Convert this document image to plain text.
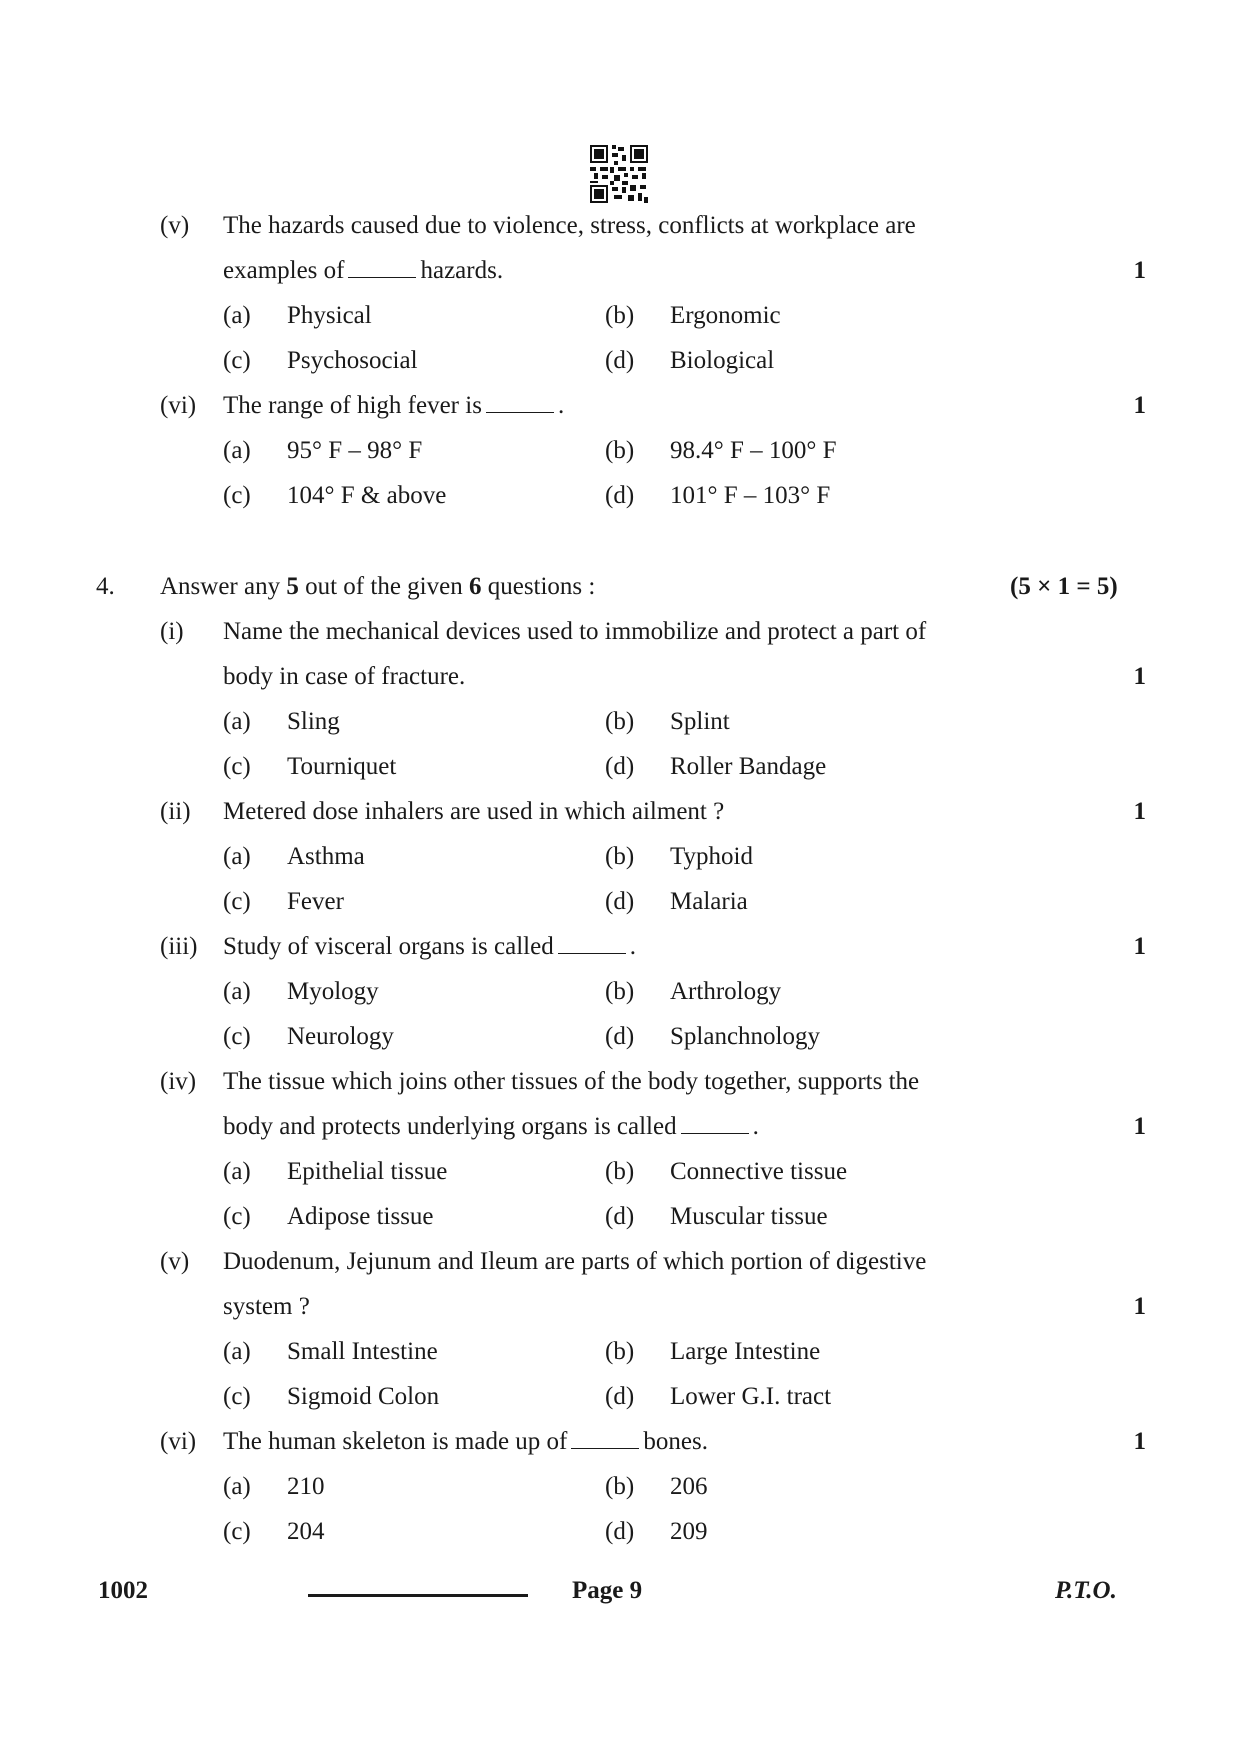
(v) The hazards caused due to violence, stress, conflicts at workplace are
examples of	hazards.	1
(a) Physical	(b) Ergonomic
(c) Psychosocial	(d) Biological
(vi) The range of high fever is	.	1
(a) 95° F – 98° F	(b) 98.4° F – 100° F
(c) 104° F & above	(d) 101° F – 103° F
4. Answer any 5 out of the given 6 questions :	(5 × 1 = 5)
(i) Name the mechanical devices used to immobilize and protect a part of
body in case of fracture.	1
(a) Sling	(b) Splint
(c) Tourniquet	(d) Roller Bandage
(ii) Metered dose inhalers are used in which ailment ?	1
(a) Asthma	(b) Typhoid
(c) Fever	(d) Malaria
(iii) Study of visceral organs is called	.	1
(a) Myology	(b) Arthrology
(c) Neurology	(d) Splanchnology
(iv) The tissue which joins other tissues of the body together, supports the
body and protects underlying organs is called	.	1
(a) Epithelial tissue	(b) Connective tissue
(c) Adipose tissue	(d) Muscular tissue
(v) Duodenum, Jejunum and Ileum are parts of which portion of digestive
system ?	1
(a) Small Intestine	(b) Large Intestine
(c) Sigmoid Colon	(d) Lower G.I. tract
(vi) The human skeleton is made up of	bones.	1
(a) 210	(b) 206
(c) 204	(d) 209
1002	Page 9	P.T.O.
